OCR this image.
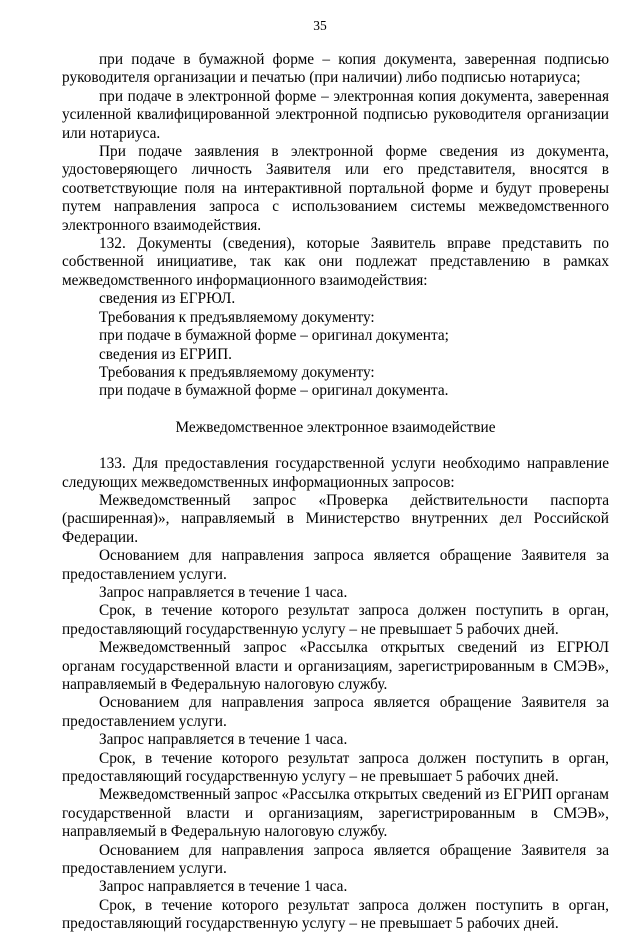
35

при подаче в бумажной форме – копия документа, заверенная подписью руководителя организации и печатью (при наличии) либо подписью нотариуса;

при подаче в электронной форме – электронная копия документа, заверенная усиленной квалифицированной электронной подписью руководителя организации или нотариуса.

При подаче заявления в электронной форме сведения из документа, удостоверяющего личность Заявителя или его представителя, вносятся в соответствующие поля на интерактивной портальной форме и будут проверены путем направления запроса с использованием системы межведомственного электронного взаимодействия.

132. Документы (сведения), которые Заявитель вправе представить по собственной инициативе, так как они подлежат представлению в рамках межведомственного информационного взаимодействия:

сведения из ЕГРЮЛ.

Требования к предъявляемому документу:

при подаче в бумажной форме – оригинал документа;

сведения из ЕГРИП.

Требования к предъявляемому документу:

при подаче в бумажной форме – оригинал документа.

Межведомственное электронное взаимодействие

133. Для предоставления государственной услуги необходимо направление следующих межведомственных информационных запросов:

Межведомственный запрос «Проверка действительности паспорта (расширенная)», направляемый в Министерство внутренних дел Российской Федерации.

Основанием для направления запроса является обращение Заявителя за предоставлением услуги.

Запрос направляется в течение 1 часа.

Срок, в течение которого результат запроса должен поступить в орган, предоставляющий государственную услугу – не превышает 5 рабочих дней.

Межведомственный запрос «Рассылка открытых сведений из ЕГРЮЛ органам государственной власти и организациям, зарегистрированным в СМЭВ», направляемый в Федеральную налоговую службу.

Основанием для направления запроса является обращение Заявителя за предоставлением услуги.

Запрос направляется в течение 1 часа.

Срок, в течение которого результат запроса должен поступить в орган, предоставляющий государственную услугу – не превышает 5 рабочих дней.

Межведомственный запрос «Рассылка открытых сведений из ЕГРИП органам государственной власти и организациям, зарегистрированным в СМЭВ», направляемый в Федеральную налоговую службу.

Основанием для направления запроса является обращение Заявителя за предоставлением услуги.

Запрос направляется в течение 1 часа.

Срок, в течение которого результат запроса должен поступить в орган, предоставляющий государственную услугу – не превышает 5 рабочих дней.
